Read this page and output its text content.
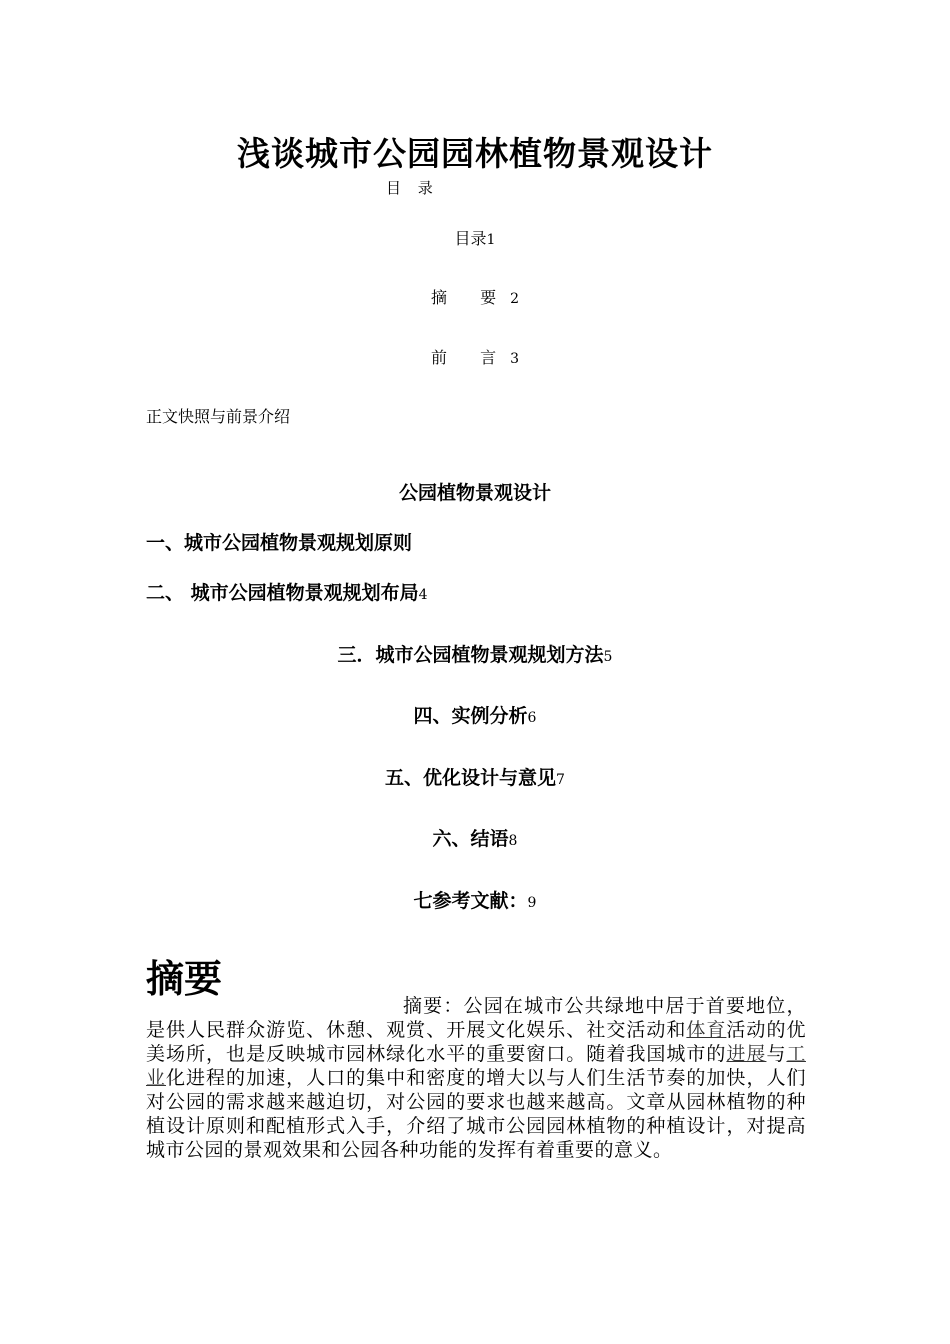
浅谈城市公园园林植物景观设计
目 录
目录1
摘 要2
前 言3
正文快照与前景介绍
公园植物景观设计
一、城市公园植物景观规划原则
二、 城市公园植物景观规划布局4
三．城市公园植物景观规划方法5
四、实例分析6
五、优化设计与意见7
六、结语8
七参考文献：9
摘要
摘要：公园在城市公共绿地中居于首要地位，是供人民群众游览、休憩、观赏、开展文化娱乐、社交活动和体育活动的优美场所，也是反映城市园林绿化水平的重要窗口。随着我国城市的进展与工业化进程的加速，人口的集中和密度的增大以与人们生活节奏的加快，人们对公园的需求越来越迫切，对公园的要求也越来越高。文章从园林植物的种植设计原则和配植形式入手，介绍了城市公园园林植物的种植设计，对提高城市公园的景观效果和公园各种功能的发挥有着重要的意义。
